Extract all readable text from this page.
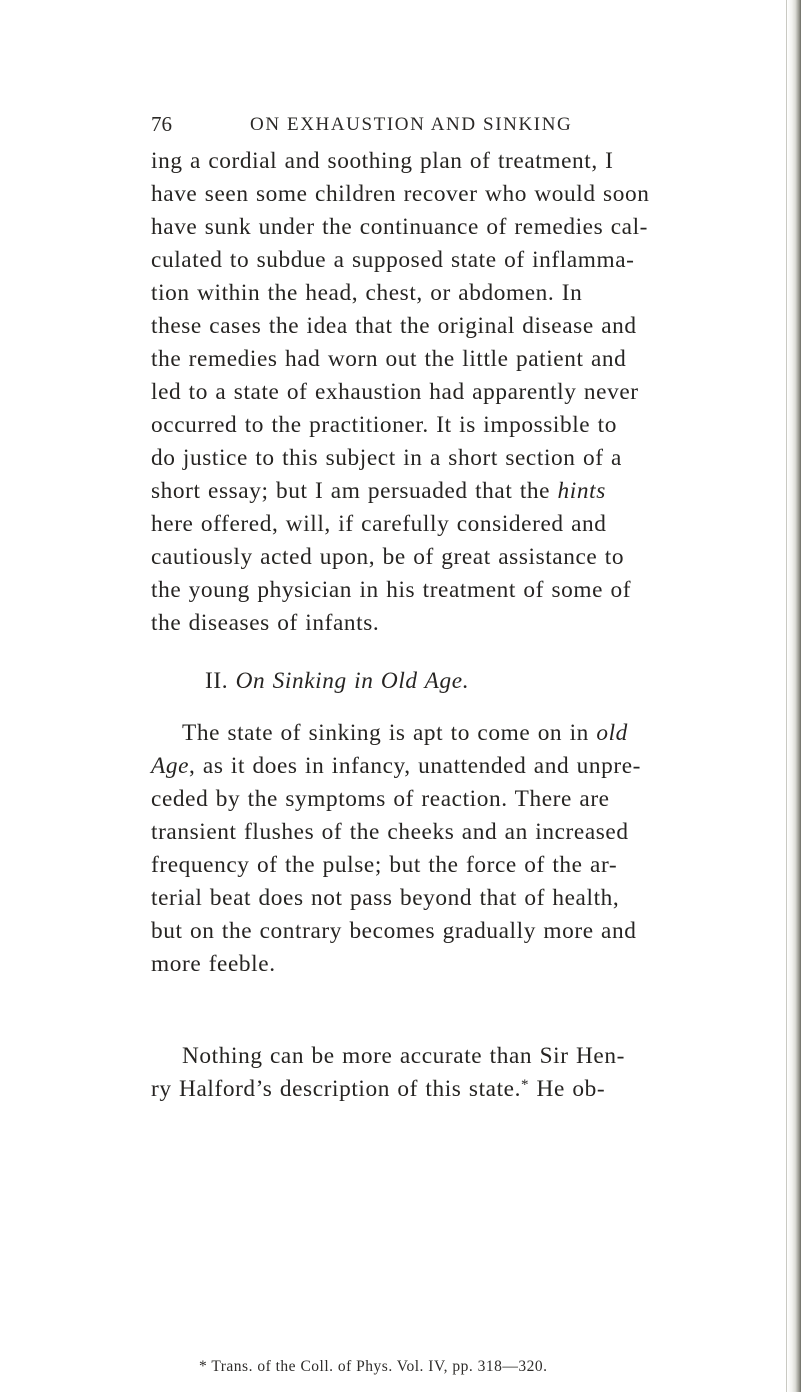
76	ON EXHAUSTION AND SINKING
ing a cordial and soothing plan of treatment, I
have seen some children recover who would soon
have sunk under the continuance of remedies cal-
culated to subdue a supposed state of inflamma-
tion within the head, chest, or abdomen. In
these cases the idea that the original disease and
the remedies had worn out the little patient and
led to a state of exhaustion had apparently never
occurred to the practitioner. It is impossible to
do justice to this subject in a short section of a
short essay; but I am persuaded that the hints
here offered, will, if carefully considered and
cautiously acted upon, be of great assistance to
the young physician in his treatment of some of
the diseases of infants.
II. On Sinking in Old Age.
The state of sinking is apt to come on in old
Age, as it does in infancy, unattended and unpre-
ceded by the symptoms of reaction. There are
transient flushes of the cheeks and an increased
frequency of the pulse; but the force of the ar-
terial beat does not pass beyond that of health,
but on the contrary becomes gradually more and
more feeble.
Nothing can be more accurate than Sir Hen-
ry Halford’s description of this state.* He ob-
* Trans. of the Coll. of Phys. Vol. IV, pp. 318—320.
